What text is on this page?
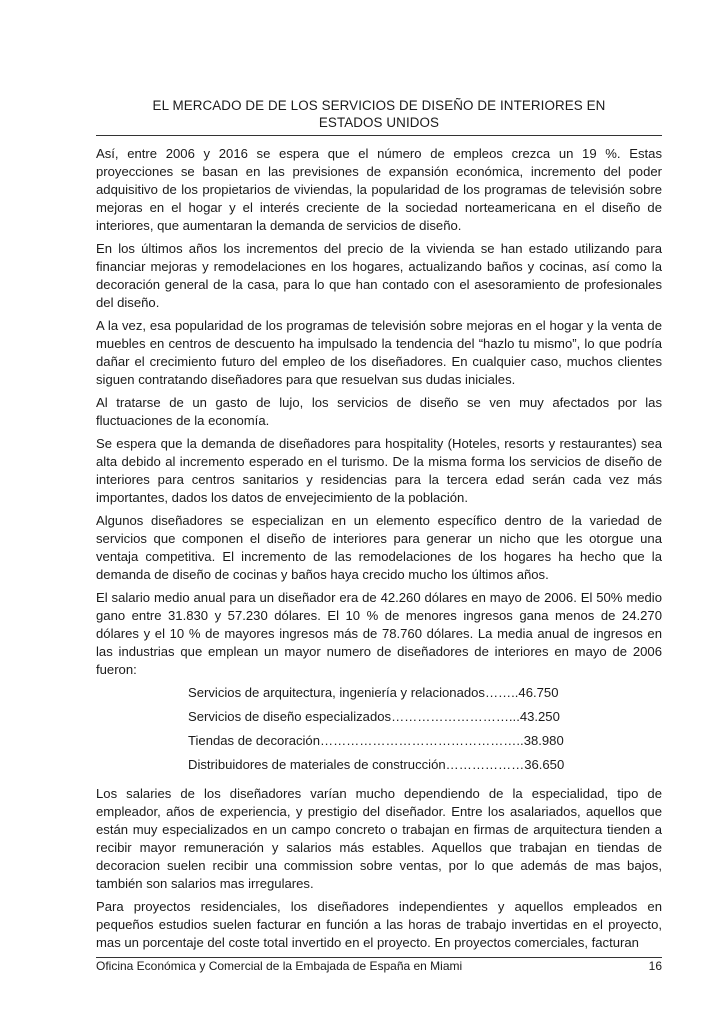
EL MERCADO DE DE LOS SERVICIOS DE DISEÑO DE INTERIORES EN
ESTADOS UNIDOS

Así, entre 2006 y 2016 se espera que el número de empleos crezca un 19 %. Estas proyecciones se basan en las previsiones de expansión económica, incremento del poder adquisitivo de los propietarios de viviendas, la popularidad de los programas de televisión sobre mejoras en el hogar y el interés creciente de la sociedad norteamericana en el diseño de interiores, que aumentaran la demanda de servicios de diseño.

En los últimos años los incrementos del precio de la vivienda se han estado utilizando para financiar mejoras y remodelaciones en los hogares, actualizando baños y cocinas, así como la decoración general de la casa, para lo que han contado con el asesoramiento de profesionales del diseño.

A la vez, esa popularidad de los programas de televisión sobre mejoras en el hogar y la venta de muebles en centros de descuento ha impulsado la tendencia del “hazlo tu mismo”, lo que podría dañar el crecimiento futuro del empleo de los diseñadores. En cualquier caso, muchos clientes siguen contratando diseñadores para que resuelvan sus dudas iniciales.

Al tratarse de un gasto de lujo, los servicios de diseño se ven muy afectados por las fluctuaciones de la economía.

Se espera que la demanda de diseñadores para hospitality (Hoteles, resorts y restaurantes) sea alta debido al incremento esperado en el turismo. De la misma forma los servicios de diseño de interiores para centros sanitarios y residencias para la tercera edad serán cada vez más importantes, dados los datos de envejecimiento de la población.

Algunos diseñadores se especializan en un elemento específico dentro de la variedad de servicios que componen el diseño de interiores para generar un nicho que les otorgue una ventaja competitiva. El incremento de las remodelaciones de los hogares ha hecho que la demanda de diseño de cocinas y baños haya crecido mucho los últimos años.

El salario medio anual para un diseñador era de 42.260 dólares en mayo de 2006. El 50% medio gano entre 31.830 y 57.230 dólares. El 10 % de menores ingresos gana menos de 24.270 dólares y el 10 % de mayores ingresos más de 78.760 dólares. La media anual de ingresos en las industrias que emplean un mayor numero de diseñadores de interiores en mayo de 2006 fueron:

Servicios de arquitectura, ingeniería y relacionados…….. 46.750
Servicios de diseño especializados………………………... 43.250
Tiendas de decoración……………………………………….. 38.980
Distribuidores de materiales de construcción……………… 36.650

Los salaries de los diseñadores varían mucho dependiendo de la especialidad, tipo de empleador, años de experiencia, y prestigio del diseñador. Entre los asalariados, aquellos que están muy especializados en un campo concreto o trabajan en firmas de arquitectura tienden a recibir mayor remuneración y salarios más estables. Aquellos que trabajan en tiendas de decoracion suelen recibir una commission sobre ventas, por lo que además de mas bajos, también son salarios mas irregulares.

Para proyectos residenciales, los diseñadores independientes y aquellos empleados en pequeños estudios suelen facturar en función a las horas de trabajo invertidas en el proyecto, mas un porcentaje del coste total invertido en el proyecto. En proyectos comerciales, facturan

Oficina Económica y Comercial de la Embajada de España en Miami	16
